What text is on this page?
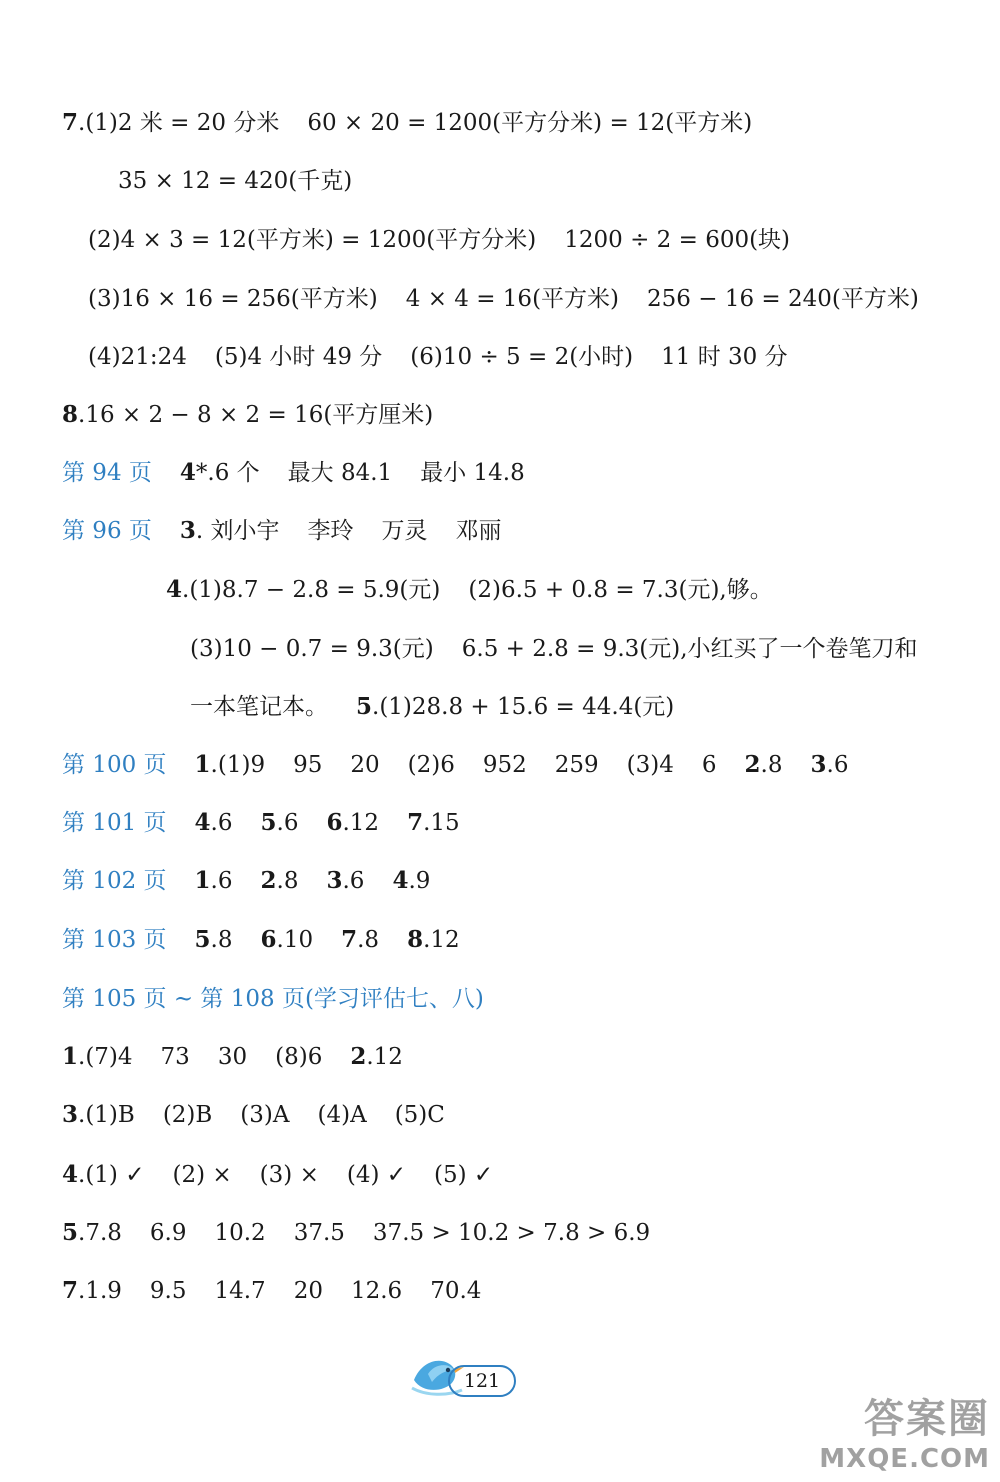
7.(1)2 米 = 20 分米 60 × 20 = 1200(平方分米) = 12(平方米)
35 × 12 = 420(千克)
(2)4 × 3 = 12(平方米) = 1200(平方分米) 1200 ÷ 2 = 600(块)
(3)16 × 16 = 256(平方米) 4 × 4 = 16(平方米) 256 − 16 = 240(平方米)
(4)21:24 (5)4 小时 49 分 (6)10 ÷ 5 = 2(小时) 11 时 30 分
8.16 × 2 − 8 × 2 = 16(平方厘米)
第 94 页 4*.6 个 最大 84.1 最小 14.8
第 96 页 3. 刘小宇 李玲 万灵 邓丽
4.(1)8.7 − 2.8 = 5.9(元) (2)6.5 + 0.8 = 7.3(元),够。
(3)10 − 0.7 = 9.3(元) 6.5 + 2.8 = 9.3(元),小红买了一个卷笔刀和
一本笔记本。 5.(1)28.8 + 15.6 = 44.4(元)
第 100 页 1.(1)9 95 20 (2)6 952 259 (3)4 6 2.8 3.6
第 101 页 4.6 5.6 6.12 7.15
第 102 页 1.6 2.8 3.6 4.9
第 103 页 5.8 6.10 7.8 8.12
第 105 页 ~ 第 108 页(学习评估七、八)
1.(7)4 73 30 (8)6 2.12
3.(1)B (2)B (3)A (4)A (5)C
4.(1) ✓ (2) × (3) × (4) ✓ (5) ✓
5.7.8 6.9 10.2 37.5 37.5 > 10.2 > 7.8 > 6.9
7.1.9 9.5 14.7 20 12.6 70.4
121
答案圈
MXQE.COM
